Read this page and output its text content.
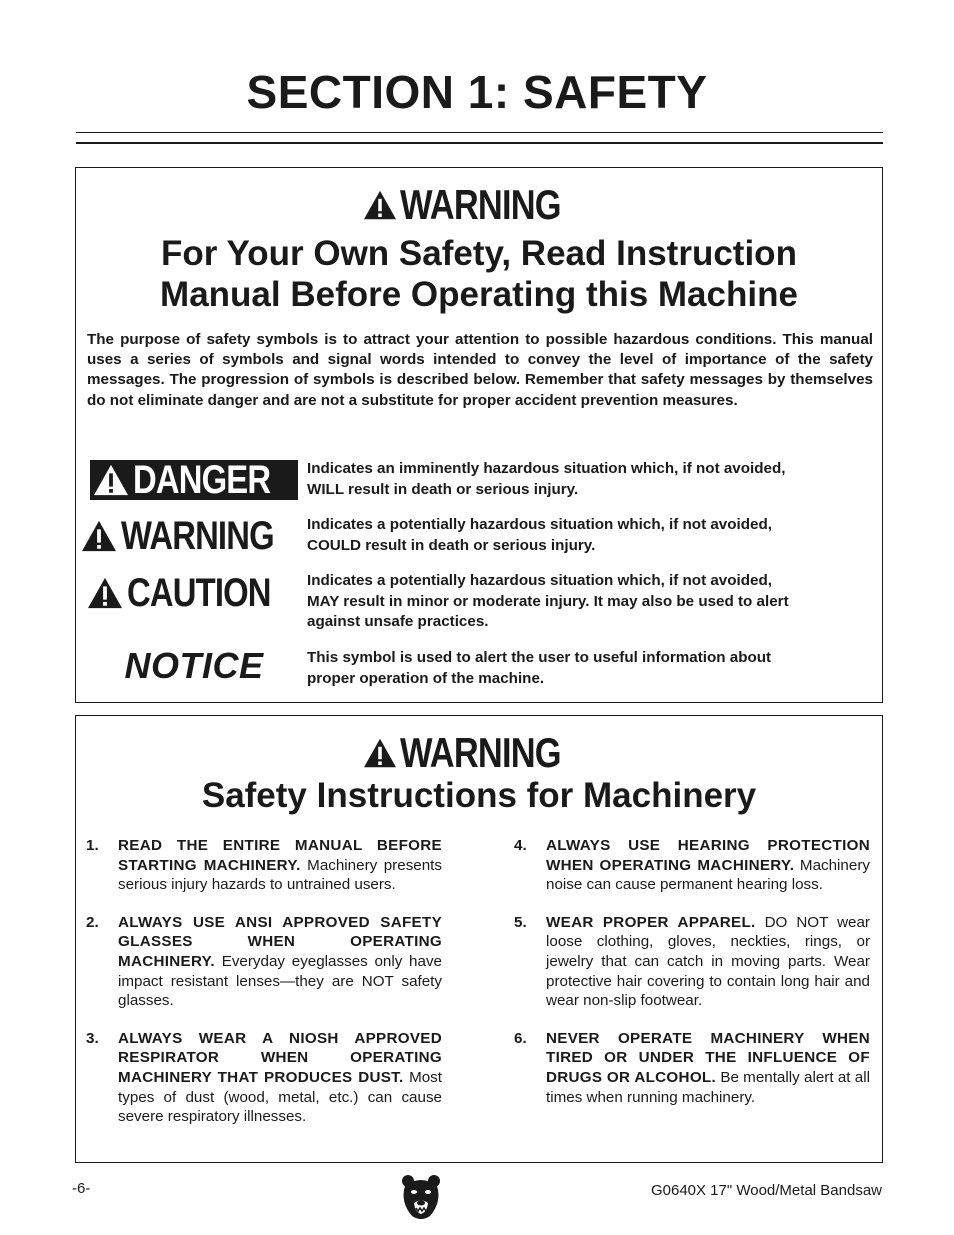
SECTION 1: SAFETY
WARNING
For Your Own Safety, Read Instruction
Manual Before Operating this Machine
The purpose of safety symbols is to attract your attention to possible hazardous conditions. This manual uses a series of symbols and signal words intended to convey the level of importance of the safety messages. The progression of symbols is described below. Remember that safety messages by themselves do not eliminate danger and are not a substitute for proper accident prevention measures.
DANGER Indicates an imminently hazardous situation which, if not avoided,
WILL result in death or serious injury.
WARNING Indicates a potentially hazardous situation which, if not avoided,
COULD result in death or serious injury.
CAUTION Indicates a potentially hazardous situation which, if not avoided,
MAY result in minor or moderate injury. It may also be used to alert
against unsafe practices.
NOTICE	This symbol is used to alert the user to useful information about
proper operation of the machine.
WARNING
Safety Instructions for Machinery
1. READ THE ENTIRE MANUAL BEFORE STARTING MACHINERY. Machinery presents serious injury hazards to untrained users.
2. ALWAYS USE ANSI APPROVED SAFETY GLASSES WHEN OPERATING MACHINERY. Everyday eyeglasses only have impact resistant lenses—they are NOT safety glasses.
3. ALWAYS WEAR A NIOSH APPROVED RESPIRATOR WHEN OPERATING MACHINERY THAT PRODUCES DUST. Most types of dust (wood, metal, etc.) can cause severe respiratory illnesses.
4. ALWAYS USE HEARING PROTECTION WHEN OPERATING MACHINERY. Machinery noise can cause permanent hearing loss.
5. WEAR PROPER APPAREL. DO NOT wear loose clothing, gloves, neckties, rings, or jewelry that can catch in moving parts. Wear protective hair covering to contain long hair and wear non-slip footwear.
6. NEVER OPERATE MACHINERY WHEN TIRED OR UNDER THE INFLUENCE OF DRUGS OR ALCOHOL. Be mentally alert at all times when running machinery.
-6-	G0640X 17" Wood/Metal Bandsaw
